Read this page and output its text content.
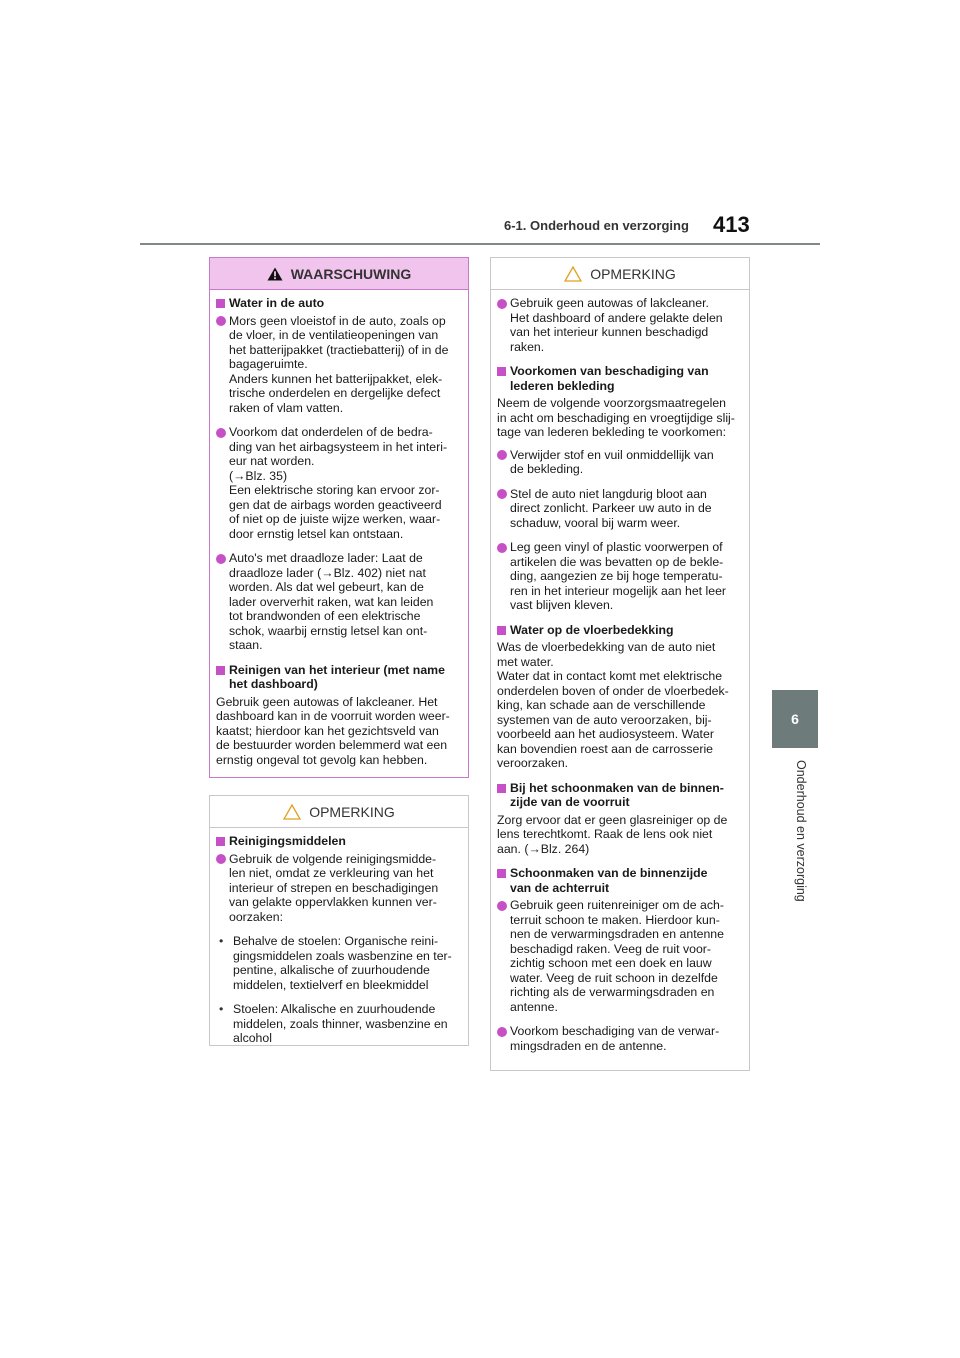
6-1. Onderhoud en verzorging 413
6
Onderhoud en verzorging
WAARSCHUWING
Water in de auto
Mors geen vloeistof in de auto, zoals op
de vloer, in de ventilatieopeningen van
het batterijpakket (tractiebatterij) of in de
bagageruimte.
Anders kunnen het batterijpakket, elek-
trische onderdelen en dergelijke defect
raken of vlam vatten.
Voorkom dat onderdelen of de bedra-
ding van het airbagsysteem in het interi-
eur nat worden.
(→Blz. 35)
Een elektrische storing kan ervoor zor-
gen dat de airbags worden geactiveerd
of niet op de juiste wijze werken, waar-
door ernstig letsel kan ontstaan.
Auto's met draadloze lader: Laat de
draadloze lader (→Blz. 402) niet nat
worden. Als dat wel gebeurt, kan de
lader oververhit raken, wat kan leiden
tot brandwonden of een elektrische
schok, waarbij ernstig letsel kan ont-
staan.
Reinigen van het interieur (met name
het dashboard)
Gebruik geen autowas of lakcleaner. Het
dashboard kan in de voorruit worden weer-
kaatst; hierdoor kan het gezichtsveld van
de bestuurder worden belemmerd wat een
ernstig ongeval tot gevolg kan hebben.
OPMERKING
Reinigingsmiddelen
Gebruik de volgende reinigingsmidde-
len niet, omdat ze verkleuring van het
interieur of strepen en beschadigingen
van gelakte oppervlakken kunnen ver-
oorzaken:
• Behalve de stoelen: Organische reini-
gingsmiddelen zoals wasbenzine en ter-
pentine, alkalische of zuurhoudende
middelen, textielverf en bleekmiddel
• Stoelen: Alkalische en zuurhoudende
middelen, zoals thinner, wasbenzine en
alcohol
OPMERKING
Gebruik geen autowas of lakcleaner.
Het dashboard of andere gelakte delen
van het interieur kunnen beschadigd
raken.
Voorkomen van beschadiging van
lederen bekleding
Neem de volgende voorzorgsmaatregelen
in acht om beschadiging en vroegtijdige slij-
tage van lederen bekleding te voorkomen:
Verwijder stof en vuil onmiddellijk van
de bekleding.
Stel de auto niet langdurig bloot aan
direct zonlicht. Parkeer uw auto in de
schaduw, vooral bij warm weer.
Leg geen vinyl of plastic voorwerpen of
artikelen die was bevatten op de bekle-
ding, aangezien ze bij hoge temperatu-
ren in het interieur mogelijk aan het leer
vast blijven kleven.
Water op de vloerbedekking
Was de vloerbedekking van de auto niet
met water.
Water dat in contact komt met elektrische
onderdelen boven of onder de vloerbedek-
king, kan schade aan de verschillende
systemen van de auto veroorzaken, bij-
voorbeeld aan het audiosysteem. Water
kan bovendien roest aan de carrosserie
veroorzaken.
Bij het schoonmaken van de binnen-
zijde van de voorruit
Zorg ervoor dat er geen glasreiniger op de
lens terechtkomt. Raak de lens ook niet
aan. (→Blz. 264)
Schoonmaken van de binnenzijde
van de achterruit
Gebruik geen ruitenreiniger om de ach-
terruit schoon te maken. Hierdoor kun-
nen de verwarmingsdraden en antenne
beschadigd raken. Veeg de ruit voor-
zichtig schoon met een doek en lauw
water. Veeg de ruit schoon in dezelfde
richting als de verwarmingsdraden en
antenne.
Voorkom beschadiging van de verwar-
mingsdraden en de antenne.
